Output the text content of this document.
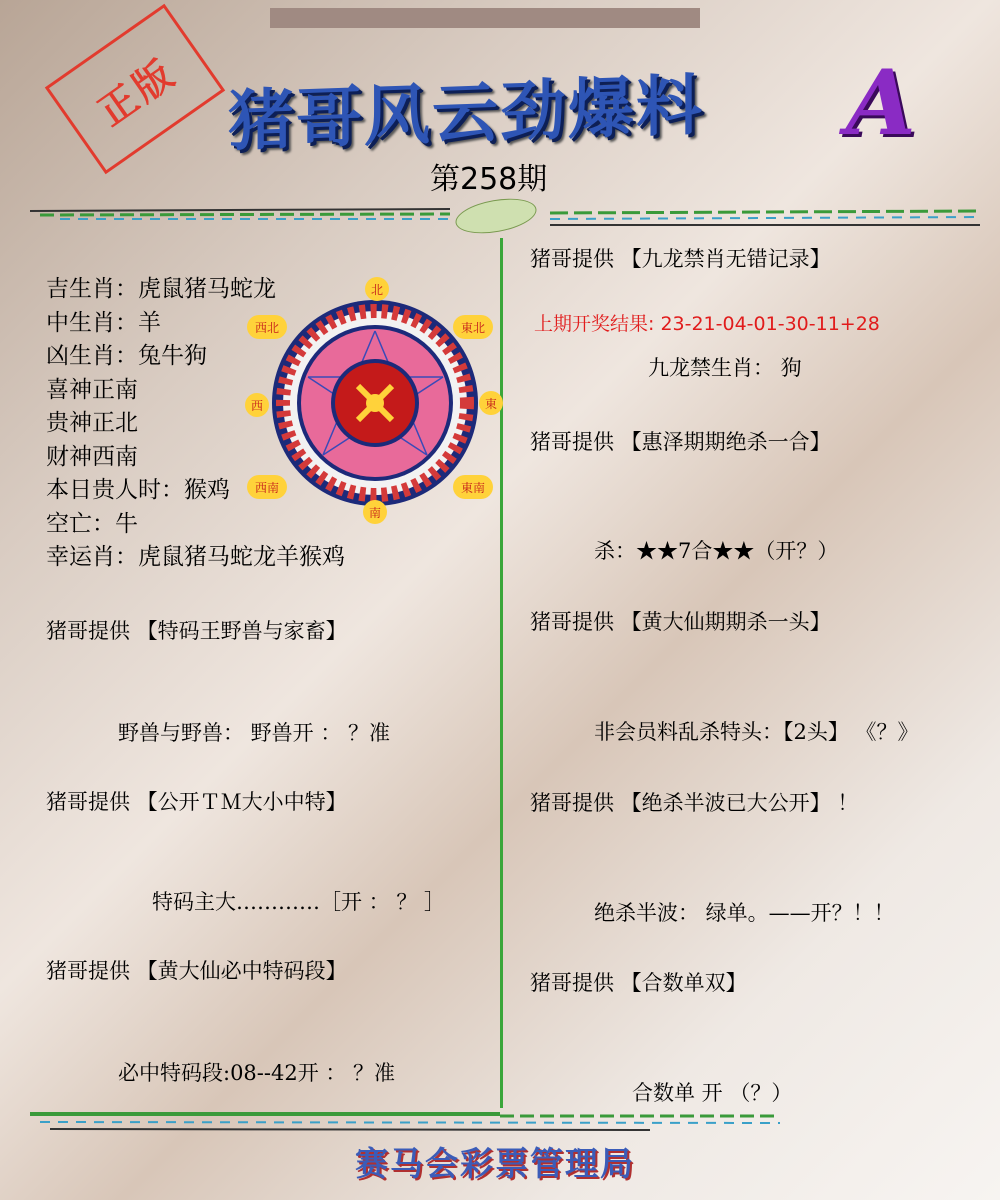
正版 猪哥风云劲爆料 A
第258期
吉生肖：虎鼠猪马蛇龙
中生肖：羊
凶生肖：兔牛狗
喜神正南
贵神正北
财神西南
本日贵人时：猴鸡
空亡：牛
幸运肖：虎鼠猪马蛇龙羊猴鸡
北
南
東
西
西北	東北
西南	東南
猪哥提供 【特码王野兽与家畜】
野兽与野兽： 野兽开 ： ？准
猪哥提供 【公开ＴＭ大小中特】
特码主大…………［开 ： ？ ］
猪哥提供 【黄大仙必中特码段】
必中特码段:08--42开 ： ？准
猪哥提供 【九龙禁肖无错记录】
上期开奖结果: 23-21-04-01-30-11+28
九龙禁生肖： 狗
猪哥提供 【惠泽期期绝杀一合】
杀：★★7合★★（开？）
猪哥提供 【黄大仙期期杀一头】
非会员料乱杀特头：【2头】 《？》
猪哥提供 【绝杀半波已大公开】 ！
绝杀半波： 绿单。——开？！！
猪哥提供 【合数单双】
合数单 开 （？）
赛马会彩票管理局
